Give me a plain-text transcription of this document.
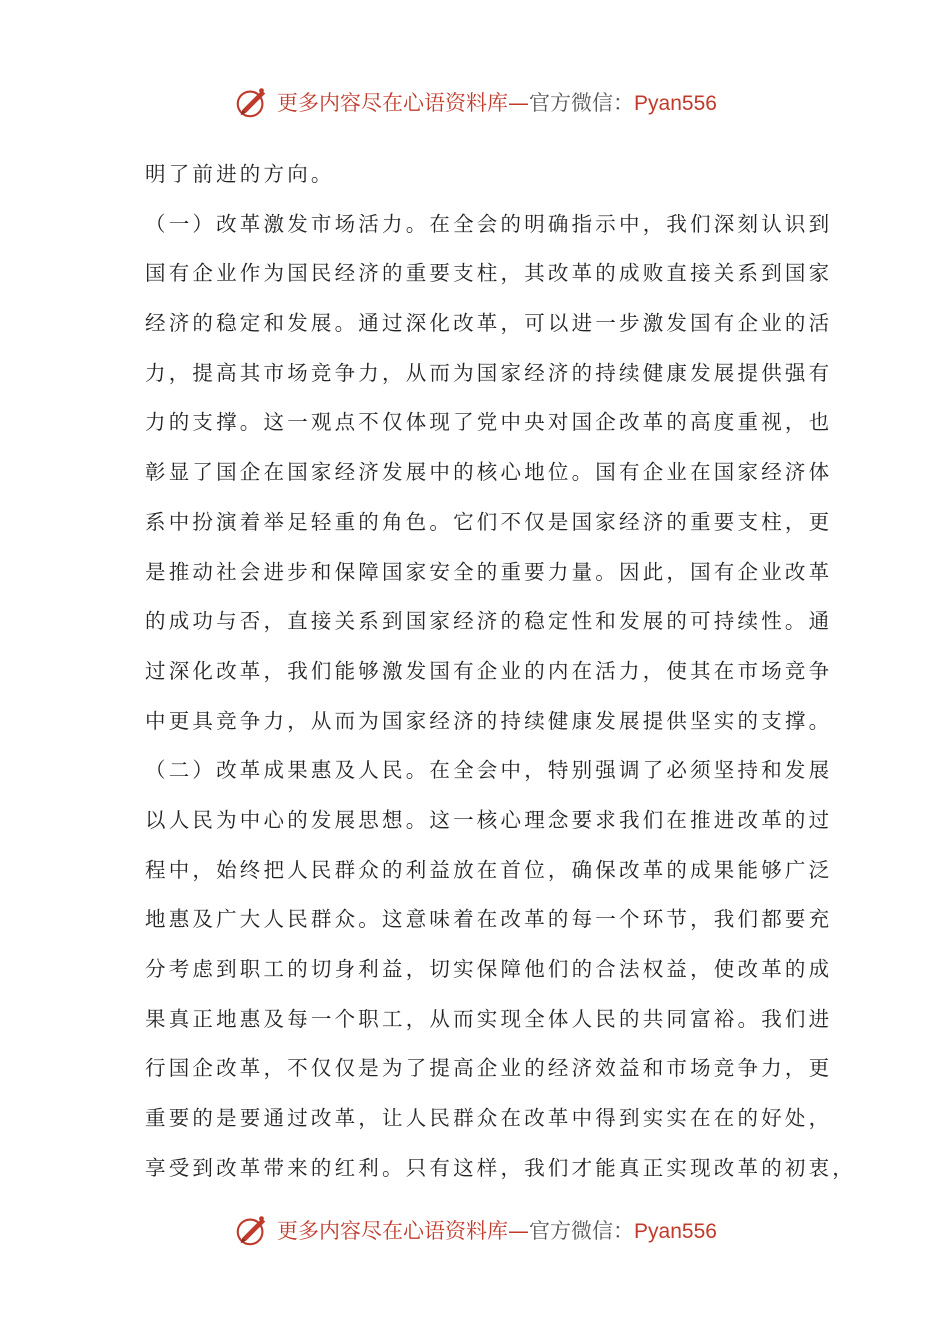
更多内容尽在心语资料库—官方微信：Pyan556
明了前进的方向。
（一）改革激发市场活力。在全会的明确指示中，我们深刻认识到
国有企业作为国民经济的重要支柱，其改革的成败直接关系到国家
经济的稳定和发展。通过深化改革，可以进一步激发国有企业的活
力，提高其市场竞争力，从而为国家经济的持续健康发展提供强有
力的支撑。这一观点不仅体现了党中央对国企改革的高度重视，也
彰显了国企在国家经济发展中的核心地位。国有企业在国家经济体
系中扮演着举足轻重的角色。它们不仅是国家经济的重要支柱，更
是推动社会进步和保障国家安全的重要力量。因此，国有企业改革
的成功与否，直接关系到国家经济的稳定性和发展的可持续性。通
过深化改革，我们能够激发国有企业的内在活力，使其在市场竞争
中更具竞争力，从而为国家经济的持续健康发展提供坚实的支撑。
（二）改革成果惠及人民。在全会中，特别强调了必须坚持和发展
以人民为中心的发展思想。这一核心理念要求我们在推进改革的过
程中，始终把人民群众的利益放在首位，确保改革的成果能够广泛
地惠及广大人民群众。这意味着在改革的每一个环节，我们都要充
分考虑到职工的切身利益，切实保障他们的合法权益，使改革的成
果真正地惠及每一个职工，从而实现全体人民的共同富裕。我们进
行国企改革，不仅仅是为了提高企业的经济效益和市场竞争力，更
重要的是要通过改革，让人民群众在改革中得到实实在在的好处，
享受到改革带来的红利。只有这样，我们才能真正实现改革的初衷，
更多内容尽在心语资料库—官方微信：Pyan556
